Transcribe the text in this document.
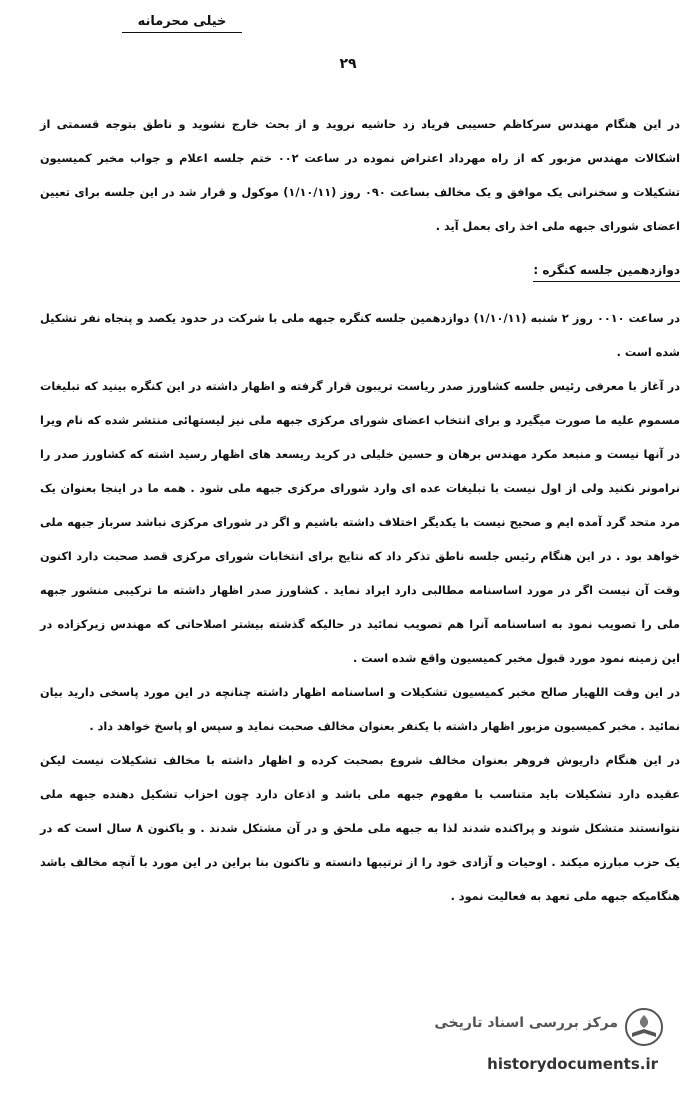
خیلی محرمانه
۲۹

در این هنگام مهندس سرکاظم حسیبی فریاد زد حاشیه نروید و از بحث خارج نشوید و ناطق بتوجه قسمتی از اشکالات مهندس مزبور که از راه مهرداد اعتراض نموده در ساعت ۰۰۲ ختم جلسه اعلام و جواب مخبر کمیسیون تشکیلات و سخنرانی یک موافق و یک مخالف بساعت ۰۹۰ روز (۱/۱۰/۱۱) موکول و قرار شد در این جلسه برای تعیین اعضای شورای جبهه ملی اخذ رای بعمل آید .

دوازدهمین جلسه کنگره :

در ساعت ۰۰۱۰ روز ۲ شنبه (۱/۱۰/۱۱) دوازدهمین جلسه کنگره جبهه ملی با شرکت در حدود یکصد و پنجاه نفر تشکیل شده است .

در آغاز با معرفی رئیس جلسه کشاورز صدر ریاست تریبون قرار گرفته و اظهار داشته در این کنگره بینید که تبلیغات مسموم علیه ما صورت میگیرد و برای انتخاب اعضای شورای مرکزی جبهه ملی نیز لیستهائی منتشر شده که نام ویرا در آنها نیست و منبعد مکرد مهندس برهان و حسین خلیلی در کرید ریسعد های اظهار رسید اشته که کشاورز صدر را نرامونر نکنید ولی از اول نیست با تبلیغات عده ای وارد شورای مرکزی جبهه ملی شود . همه ما در اینجا بعنوان یک مرد متحد گرد آمده ایم و صحیح نیست با یکدیگر اختلاف داشته باشیم و اگر در شورای مرکزی نباشد سرباز جبهه ملی خواهد بود . در این هنگام رئیس جلسه ناطق تذکر داد که نتایج برای انتخابات شورای مرکزی قصد صحبت دارد اکنون وقت آن نیست اگر در مورد اساسنامه مطالبی دارد ایراد نماید . کشاورز صدر اظهار داشته ما ترکیبی منشور جبهه ملی را تصویب نمود به اساسنامه آنرا هم تصویب نمائید در حالیکه گذشته بیشتر اصلاحاتی که مهندس زیرکزاده در این زمینه نمود مورد قبول مخبر کمیسیون واقع شده است .

در این وقت اللهیار صالح مخبر کمیسیون تشکیلات و اساسنامه اظهار داشته چنانچه در این مورد پاسخی دارید بیان نمائید . مخبر کمیسیون مزبور اظهار داشته با یکنفر بعنوان مخالف صحبت نماید و سپس او پاسخ خواهد داد .

در این هنگام داریوش فروهر بعنوان مخالف شروع بصحبت کرده و اظهار داشته با مخالف تشکیلات نیست لیکن عقیده دارد تشکیلات باید متناسب با مفهوم جبهه ملی باشد و اذعان دارد چون احزاب تشکیل دهنده جبهه ملی نتوانستند متشکل شوند و پراکنده شدند لذا به جبهه ملی ملحق و در آن مشتکل شدند . و یاکنون ۸ سال است که در یک حزب مبارزه میکند . اوحیات و آزادی خود را از ترتیبها دانسته و تاکنون بنا براین در این مورد با آنچه مخالف باشد هنگامیکه جبهه ملی تعهد به فعالیت نمود .

مرکز بررسی اسناد تاریخی
historydocuments.ir
